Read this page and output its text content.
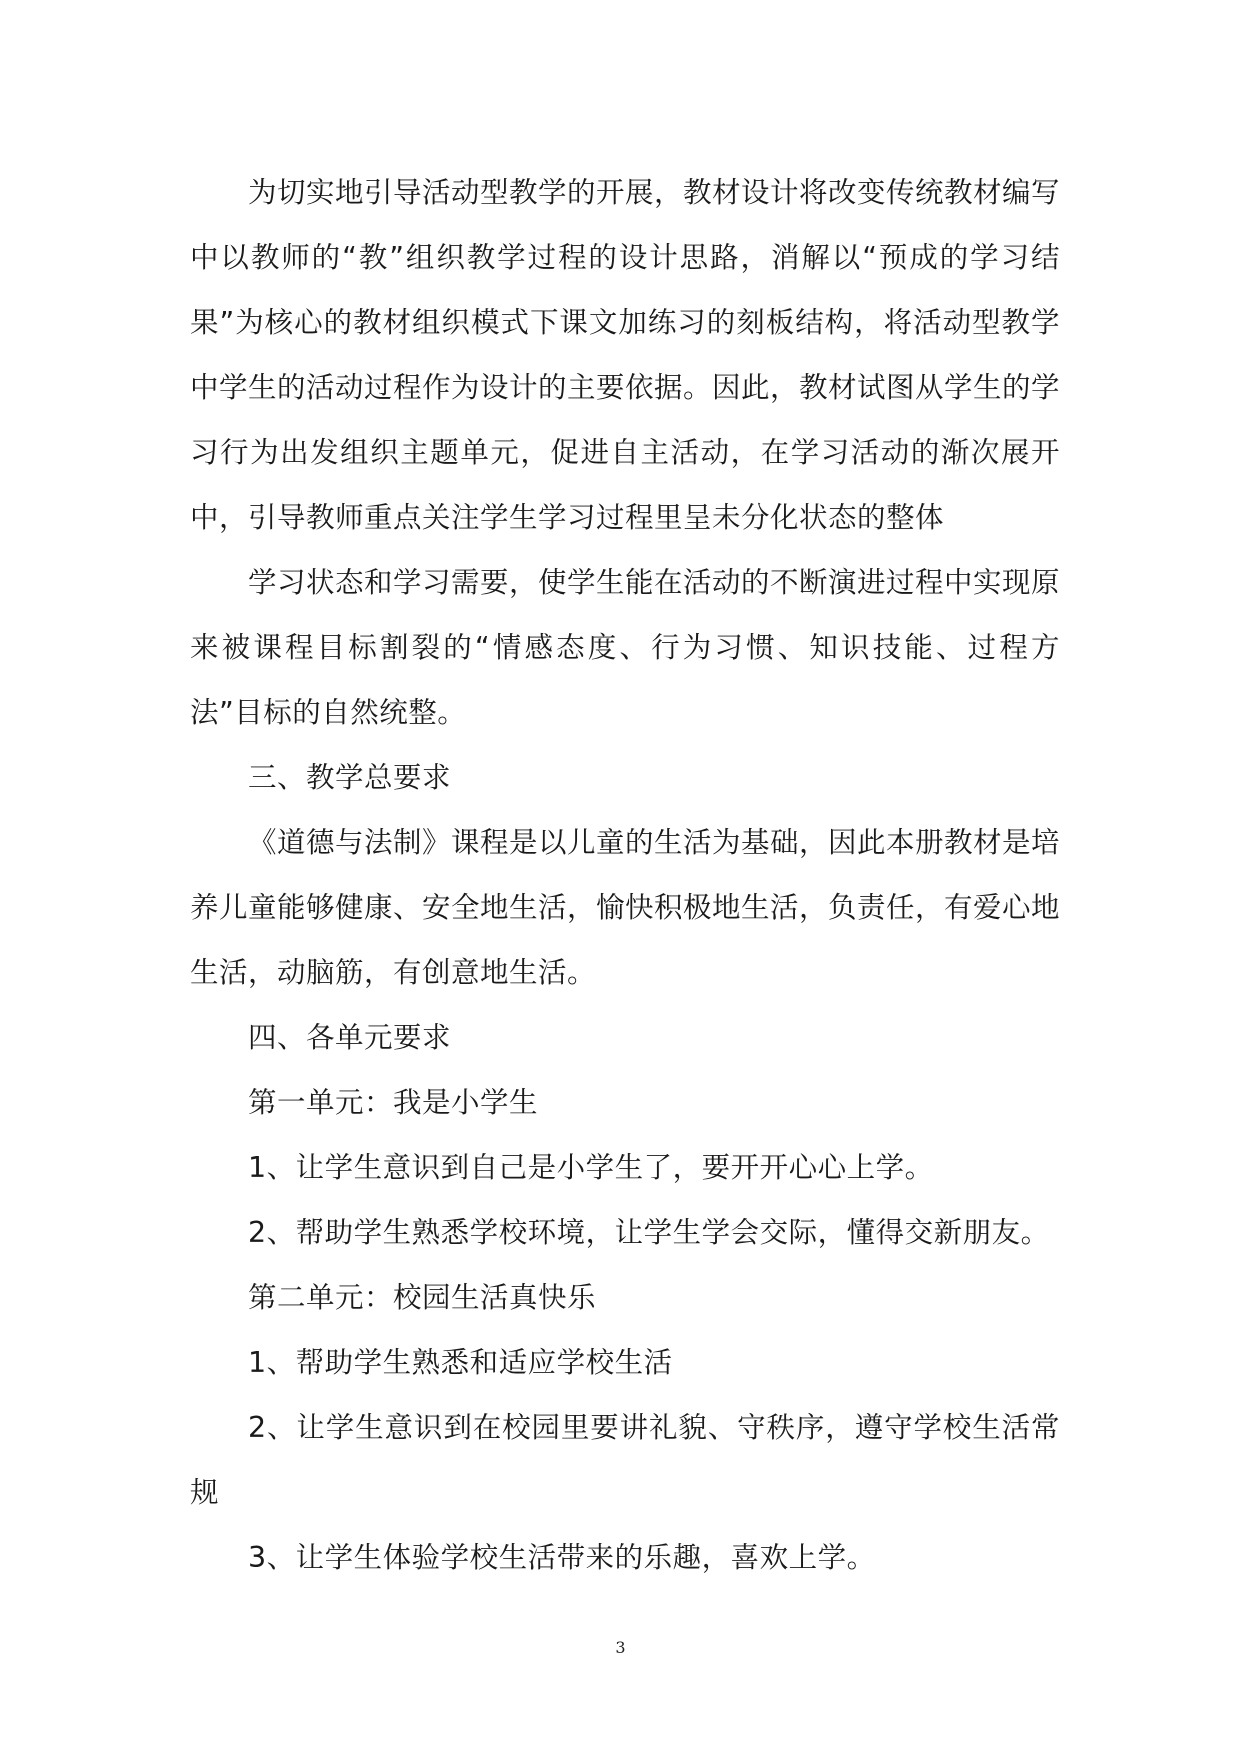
为切实地引导活动型教学的开展，教材设计将改变传统教材编写中以教师的“教”组织教学过程的设计思路，消解以“预成的学习结果”为核心的教材组织模式下课文加练习的刻板结构，将活动型教学中学生的活动过程作为设计的主要依据。因此，教材试图从学生的学习行为出发组织主题单元，促进自主活动，在学习活动的渐次展开中，引导教师重点关注学生学习过程里呈未分化状态的整体

学习状态和学习需要，使学生能在活动的不断演进过程中实现原来被课程目标割裂的“情感态度、行为习惯、知识技能、过程方法”目标的自然统整。

三、教学总要求

《道德与法制》课程是以儿童的生活为基础，因此本册教材是培养儿童能够健康、安全地生活，愉快积极地生活，负责任，有爱心地生活，动脑筋，有创意地生活。

四、各单元要求

第一单元：我是小学生

1、让学生意识到自己是小学生了，要开开心心上学。

2、帮助学生熟悉学校环境，让学生学会交际，懂得交新朋友。

第二单元：校园生活真快乐

1、帮助学生熟悉和适应学校生活

2、让学生意识到在校园里要讲礼貌、守秩序，遵守学校生活常规

3、让学生体验学校生活带来的乐趣，喜欢上学。

3
